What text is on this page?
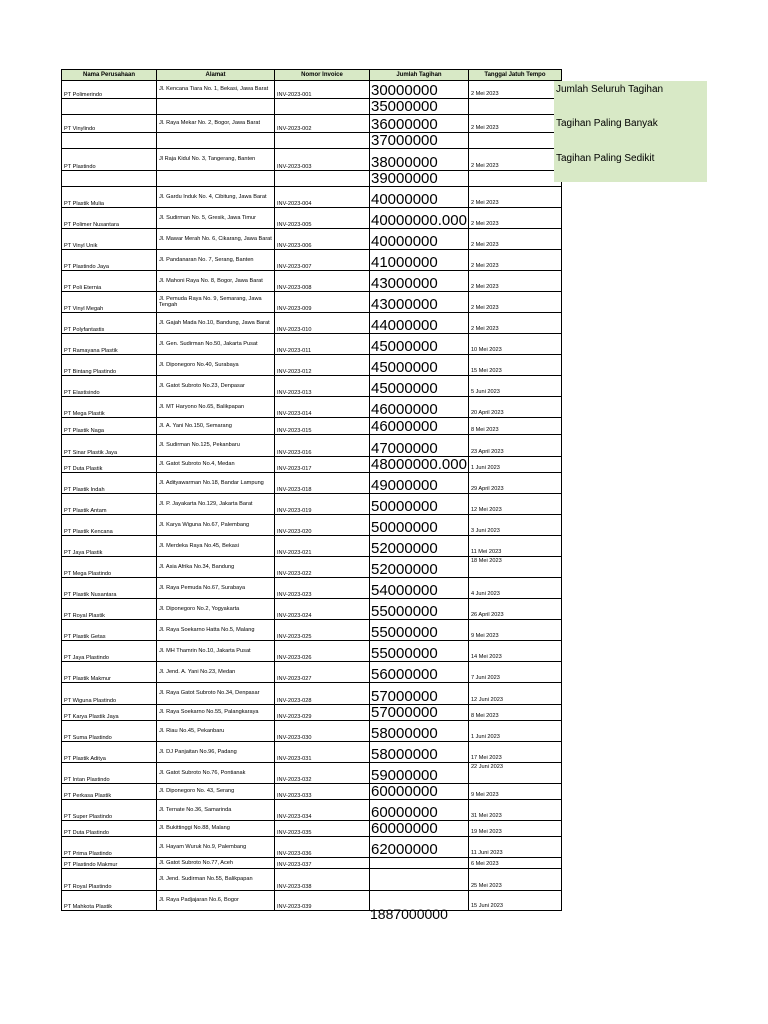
Nama Perusahaan	Alamat	Nomor Invoice	Jumlah Tagihan	Tanggal Jatuh Tempo
PT Polimerindo	Jl. Kencana Tiara No. 1, Bekasi, Jawa Barat	INV-2023-001	30000000	2 Mei 2023
			35000000	
PT Vinylindo	Jl. Raya Mekar No. 2, Bogor, Jawa Barat	INV-2023-002	36000000	2 Mei 2023
			37000000	
PT Plastindo	Jl Raja Kidul No. 3, Tangerang, Banten	INV-2023-003	38000000	2 Mei 2023
			39000000	
PT Plastik Mulia	Jl. Gardu Induk No. 4, Cibitung, Jawa Barat	INV-2023-004	40000000	2 Mei 2023
PT Polimer Nusantara	Jl. Sudirman No. 5, Gresik, Jawa Timur	INV-2023-005	40000000.000	2 Mei 2023
PT Vinyl Unik	Jl. Mawar Merah No. 6, Cikarang, Jawa Barat	INV-2023-006	40000000	2 Mei 2023
PT Plastindo Jaya	Jl. Pandanaran No. 7, Serang, Banten	INV-2023-007	41000000	2 Mei 2023
PT Poli Eternia	Jl. Mahoni Raya No. 8, Bogor, Jawa Barat	INV-2023-008	43000000	2 Mei 2023
PT Vinyl Megah	Jl. Pemuda Raya No. 9, Semarang, Jawa Tengah	INV-2023-009	43000000	2 Mei 2023
PT Polyfantastis	Jl. Gajah Mada No.10, Bandung, Jawa Barat	INV-2023-010	44000000	2 Mei 2023
PT Ramayana Plastik	Jl. Gen. Sudirman No.50, Jakarta Pusat	INV-2023-011	45000000	10 Mei 2023
PT Bintang Plastindo	Jl. Diponegoro No.40, Surabaya	INV-2023-012	45000000	15 Mei 2023
PT Elastisindo	Jl. Gatot Subroto No.23, Denpasar	INV-2023-013	45000000	5 Juni 2023
PT Mega Plastik	Jl. MT Haryono No.65, Balikpapan	INV-2023-014	46000000	20 April 2023
PT Plastik Naga	Jl. A. Yani No.150, Semarang	INV-2023-015	46000000	8 Mei 2023
PT Sinar Plastik Jaya	Jl. Sudirman No.125, Pekanbaru	INV-2023-016	47000000	23 April 2023
PT Duta Plastik	Jl. Gatot Subroto No.4, Medan	INV-2023-017	48000000.000	1 Juni 2023
PT Plastik Indah	Jl. Adityawarman No.18, Bandar Lampung	INV-2023-018	49000000	29 April 2023
PT Plastik Antam	Jl. P. Jayakarta No.129, Jakarta Barat	INV-2023-019	50000000	12 Mei 2023
PT Plastik Kencana	Jl. Karya Wiguna No.67, Palembang	INV-2023-020	50000000	3 Juni 2023
PT Jaya Plastik	Jl. Merdeka Raya No.45, Bekasi	INV-2023-021	52000000	11 Mei 2023
PT Mega Plastindo	Jl. Asia Afrika No.34, Bandung	INV-2023-022	52000000	18 Mei 2023
PT Plastik Nusantara	Jl. Raya Pemuda No.67, Surabaya	INV-2023-023	54000000	4 Juni 2023
PT Royal Plastik	Jl. Diponegoro No.2, Yogyakarta	INV-2023-024	55000000	26 April 2023
PT Plastik Getas	Jl. Raya Soekarno Hatta No.5, Malang	INV-2023-025	55000000	9 Mei 2023
PT Jaya Plastindo	Jl. MH Thamrin No.10, Jakarta Pusat	INV-2023-026	55000000	14 Mei 2023
PT Plastik Makmur	Jl. Jend. A. Yani No.23, Medan	INV-2023-027	56000000	7 Juni 2023
PT Wiguna Plastindo	Jl. Raya Gatot Subroto No.34, Denpasar	INV-2023-028	57000000	12 Juni 2023
PT Karya Plastik Jaya	Jl. Raya Soekarno No.55, Palangkaraya	INV-2023-029	57000000	8 Mei 2023
PT Suma Plastindo	Jl. Riau No.45, Pekanbaru	INV-2023-030	58000000	1 Juni 2023
PT Plastik Aditya	Jl. DJ Panjaitan No.96, Padang	INV-2023-031	58000000	17 Mei 2023
PT Intan Plastindo	Jl. Gatot Subroto No.76, Pontianak	INV-2023-032	59000000	22 Juni 2023
PT Perkasa Plastik	Jl. Diponegoro No. 43, Serang	INV-2023-033	60000000	9 Mei 2023
PT Super Plastindo	Jl. Ternate No.36, Samarinda	INV-2023-034	60000000	31 Mei 2023
PT Duta Plastindo	Jl. Bukittinggi No.88, Malang	INV-2023-035	60000000	19 Mei 2023
PT Prima Plastindo	Jl. Hayam Wuruk No.9, Palembang	INV-2023-036	62000000	11 Juni 2023
PT Plastindo Makmur	Jl. Gatot Subroto No.77, Aceh	INV-2023-037		6 Mei 2023
PT Royal Plastindo	Jl. Jend. Sudirman No.55, Balikpapan	INV-2023-038		25 Mei 2023
PT Mahkota Plastik	Jl. Raya Padjajaran No.6, Bogor	INV-2023-039		15 Juni 2023
Jumlah Seluruh Tagihan
Tagihan Paling Banyak
Tagihan Paling Sedikit
1887000000
